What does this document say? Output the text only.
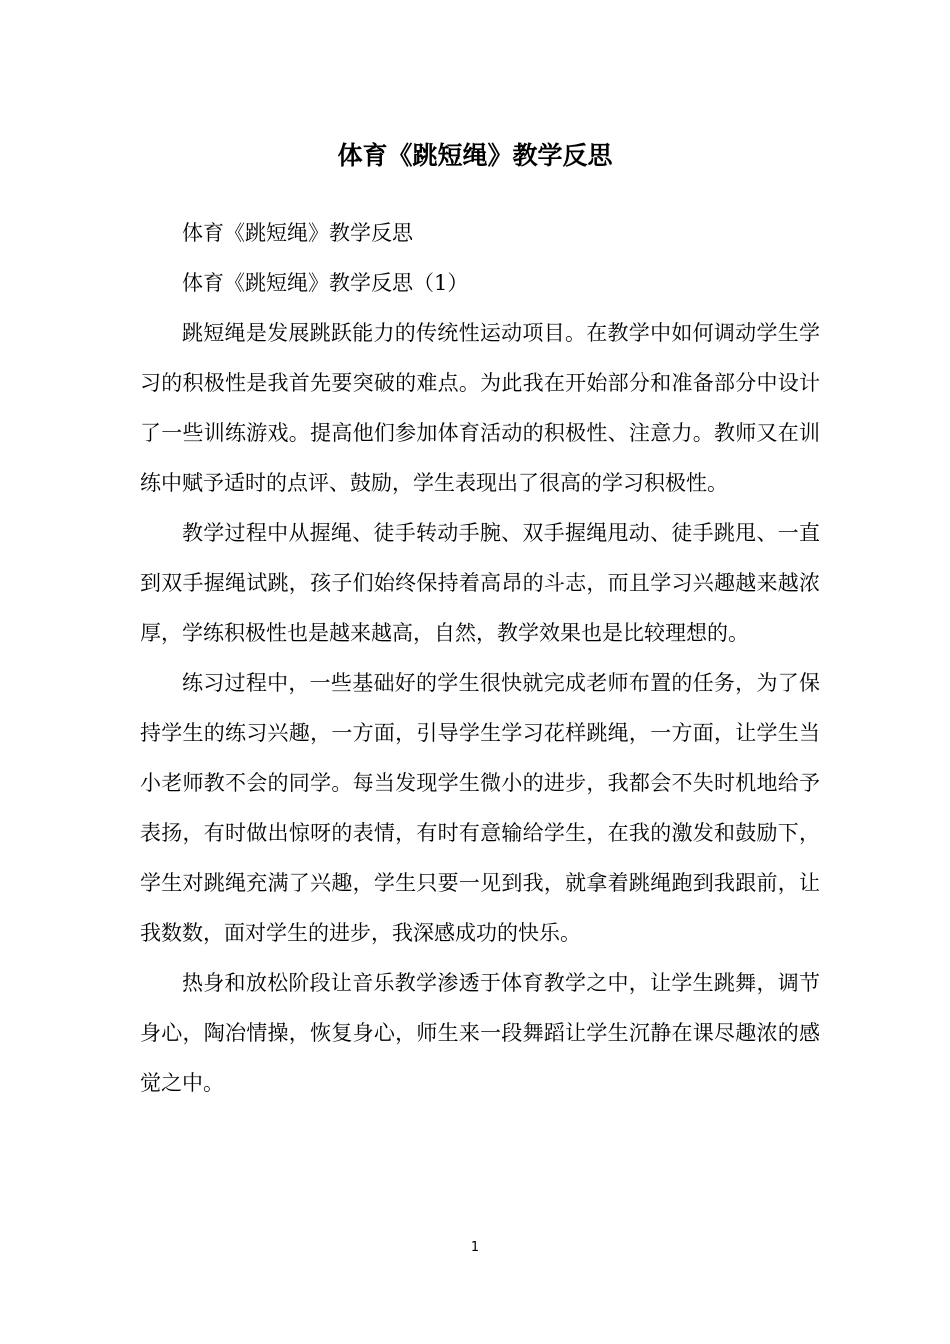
体育《跳短绳》教学反思

体育《跳短绳》教学反思

体育《跳短绳》教学反思（1）

跳短绳是发展跳跃能力的传统性运动项目。在教学中如何调动学生学习的积极性是我首先要突破的难点。为此我在开始部分和准备部分中设计了一些训练游戏。提高他们参加体育活动的积极性、注意力。教师又在训练中赋予适时的点评、鼓励，学生表现出了很高的学习积极性。

教学过程中从握绳、徒手转动手腕、双手握绳甩动、徒手跳甩、一直到双手握绳试跳，孩子们始终保持着高昂的斗志，而且学习兴趣越来越浓厚，学练积极性也是越来越高，自然，教学效果也是比较理想的。

练习过程中，一些基础好的学生很快就完成老师布置的任务，为了保持学生的练习兴趣，一方面，引导学生学习花样跳绳，一方面，让学生当小老师教不会的同学。每当发现学生微小的进步，我都会不失时机地给予表扬，有时做出惊呀的表情，有时有意输给学生，在我的激发和鼓励下，学生对跳绳充满了兴趣，学生只要一见到我，就拿着跳绳跑到我跟前，让我数数，面对学生的进步，我深感成功的快乐。

热身和放松阶段让音乐教学渗透于体育教学之中，让学生跳舞，调节身心，陶冶情操，恢复身心，师生来一段舞蹈让学生沉静在课尽趣浓的感觉之中。

1
